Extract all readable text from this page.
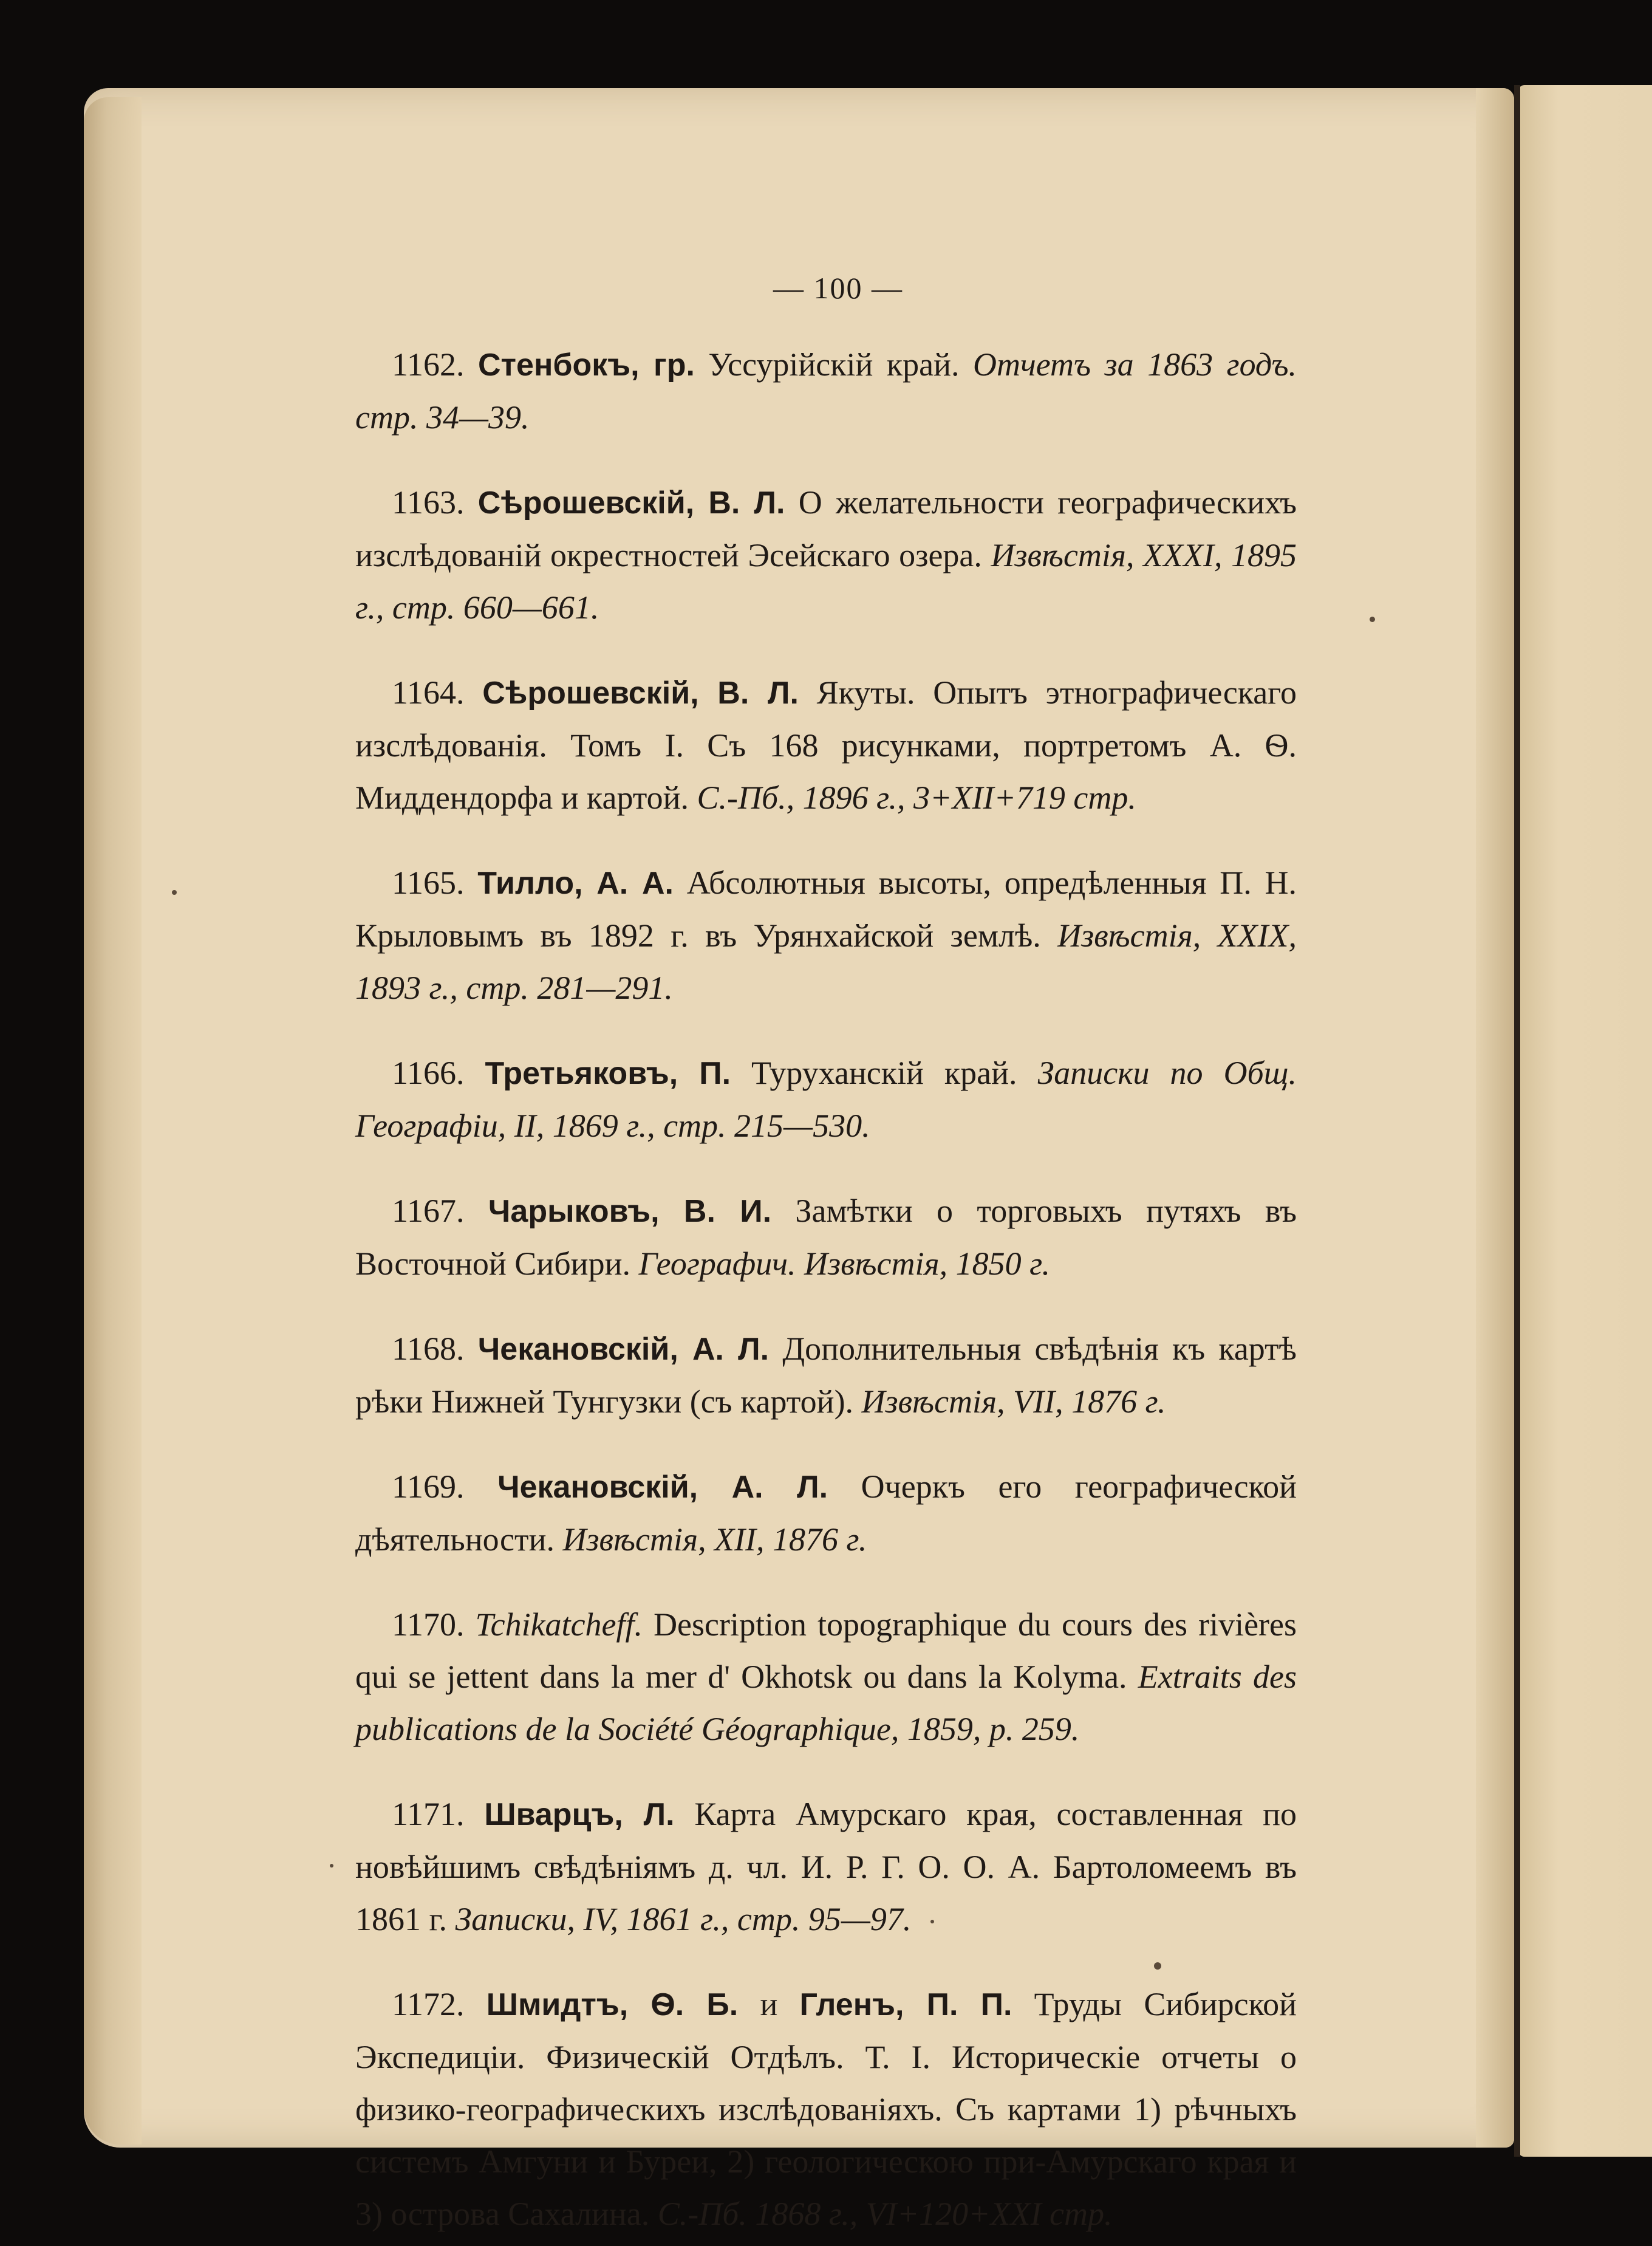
— 100 —

1162. Стенбокъ, гр. Уссурiйскiй край. Отчетъ за 1863 годъ. стр. 34—39.

1163. Сѣрошевскiй, В. Л. О желательности географическихъ изслѣдованiй окрестностей Эсейскаго озера. Извѣстiя, XXXI, 1895 г., стр. 660—661.

1164. Сѣрошевскiй, В. Л. Якуты. Опытъ этнографическаго изслѣдованiя. Томъ I. Съ 168 рисунками, портретомъ А. Ѳ. Миддендорфа и картой. С.-Пб., 1896 г., 3+XII+719 стр.

1165. Тилло, А. А. Абсолютныя высоты, опредѣленныя П. Н. Крыловымъ въ 1892 г. въ Урянхайской землѣ. Извѣстiя, XXIX, 1893 г., стр. 281—291.

1166. Третьяковъ, П. Туруханскiй край. Записки по Общ. Географiи, II, 1869 г., стр. 215—530.

1167. Чарыковъ, В. И. Замѣтки о торговыхъ путяхъ въ Восточной Сибири. Географич. Извѣстiя, 1850 г.

1168. Чекановскiй, А. Л. Дополнительныя свѣдѣнiя къ картѣ рѣки Нижней Тунгузки (съ картой). Извѣстiя, VII, 1876 г.

1169. Чекановскiй, А. Л. Очеркъ его географической дѣятельности. Извѣстiя, XII, 1876 г.

1170. Tchikatcheff. Description topographique du cours des rivières qui se jettent dans la mer d' Okhotsk ou dans la Kolyma. Extraits des publications de la Société Géographique, 1859, p. 259.

1171. Шварцъ, Л. Карта Амурскаго края, составленная по новѣйшимъ свѣдѣнiямъ д. чл. И. Р. Г. О. О. А. Бартоломеемъ въ 1861 г. Записки, IV, 1861 г., стр. 95—97.

1172. Шмидтъ, Ѳ. Б. и Гленъ, П. П. Труды Сибирской Экспедицiи. Физическiй Отдѣлъ. Т. I. Историческiе отчеты о физико-географическихъ изслѣдованiяхъ. Съ картами 1) рѣчныхъ системъ Амгуни и Буреи, 2) геологическою при-Амурскаго края и 3) острова Сахалина. С.-Пб. 1868 г., VI+120+XXI стр.
